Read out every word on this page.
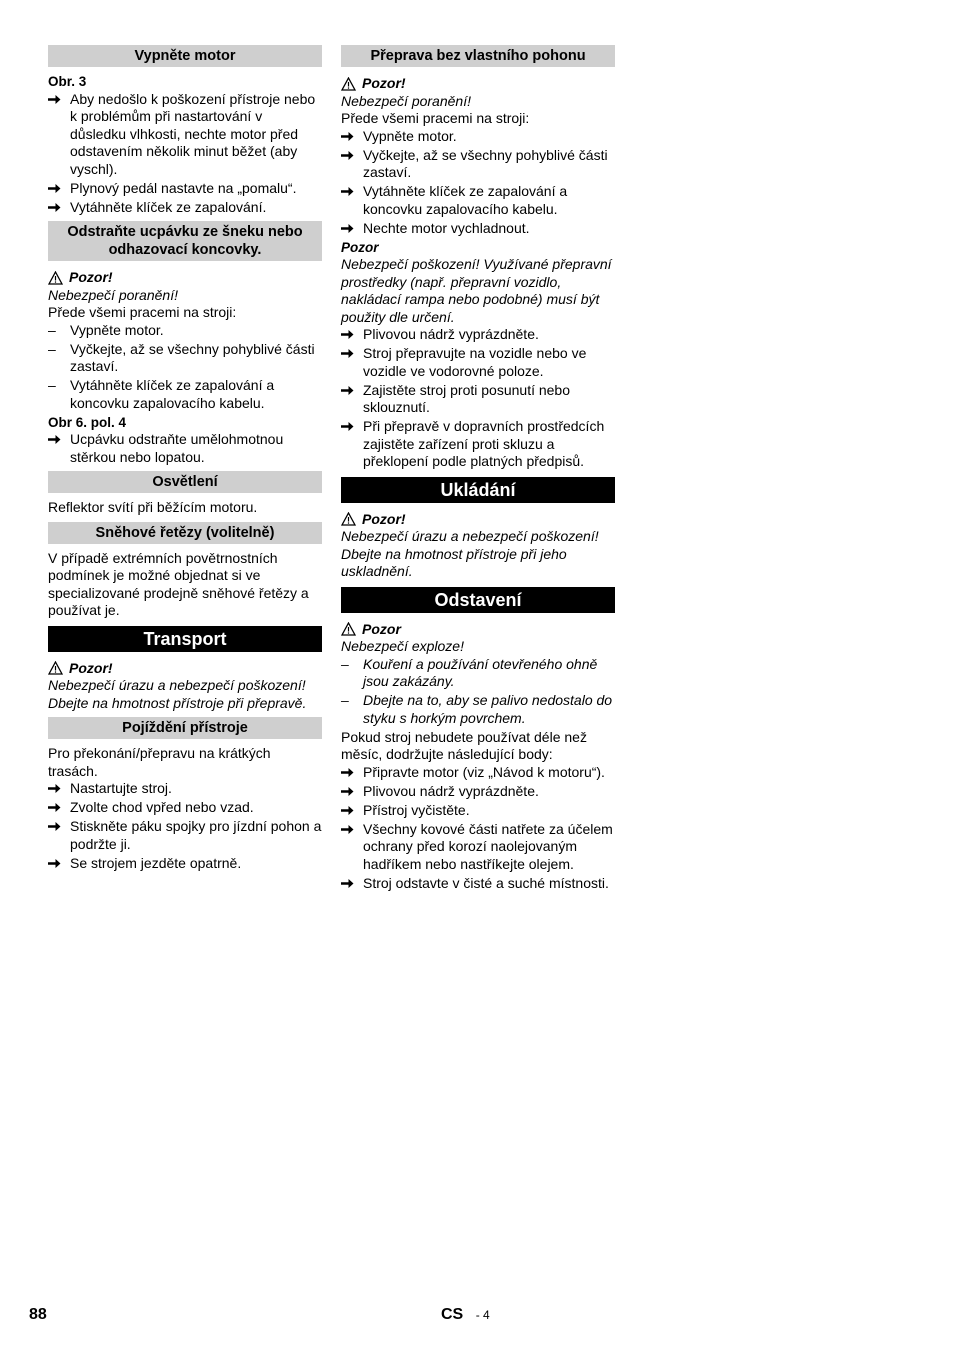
Vypněte motor
Obr. 3
Aby nedošlo k poškození přístroje nebo k problémům při nastartování v důsledku vlhkosti, nechte motor před odstavením několik minut běžet (aby vyschl).
Plynový pedál nastavte na „pomalu“.
Vytáhněte klíček ze zapalování.
Odstraňte ucpávku ze šneku nebo odhazovací koncovky.
Pozor!

Nebezpečí poranění!

Přede všemi pracemi na stroji:

–	Vypněte motor.
–	Vyčkejte, až se všechny pohyblivé části zastaví.
–	Vytáhněte klíček ze zapalování a koncovku zapalovacího kabelu.
Obr 6. pol. 4
Ucpávku odstraňte umělohmotnou stěrkou nebo lopatou.
Osvětlení

Reflektor svítí při běžícím motoru.

Sněhové řetězy (volitelně)

V případě extrémních povětrnostních podmínek je možné objednat si ve specializované prodejně sněhové řetězy a používat je.

Transport
Pozor!

Nebezpečí úrazu a nebezpečí poškození! Dbejte na hmotnost přístroje při přepravě.

Pojíždění přístroje

Pro překonání/přepravu na krátkých trasách.

Nastartujte stroj.
Zvolte chod vpřed nebo vzad.
Stiskněte páku spojky pro jízdní pohon a podržte ji.
Se strojem jezděte opatrně.
Přeprava bez vlastního pohonu
Pozor!

Nebezpečí poranění!

Přede všemi pracemi na stroji:

Vypněte motor.
Vyčkejte, až se všechny pohyblivé části zastaví.
Vytáhněte klíček ze zapalování a koncovku zapalovacího kabelu.
Nechte motor vychladnout.
Pozor

Nebezpečí poškození! Využívané přepravní prostředky (např. přepravní vozidlo, nakládací rampa nebo podobné) musí být použity dle určení.

Plivovou nádrž vyprázdněte.
Stroj přepravujte na vozidle nebo ve vozidle ve vodorovné poloze.
Zajistěte stroj proti posunutí nebo sklouznutí.
Při přepravě v dopravních prostředcích zajistěte zařízení proti skluzu a překlopení podle platných předpisů.
Ukládání
Pozor!

Nebezpečí úrazu a nebezpečí poškození! Dbejte na hmotnost přístroje při jeho uskladnění.

Odstavení
Pozor

Nebezpečí exploze!

–	Kouření a používání otevřeného ohně jsou zakázány.
–	Dbejte na to, aby se palivo nedostalo do styku s horkým povrchem.

Pokud stroj nebudete používat déle než měsíc, dodržujte následující body:

Připravte motor (viz „Návod k motoru“).
Plivovou nádrž vyprázdněte.
Přístroj vyčistěte.
Všechny kovové části natřete za účelem ochrany před korozí naolejovaným hadříkem nebo nastříkejte olejem.
Stroj odstavte v čisté a suché místnosti.
88	CS - 4
